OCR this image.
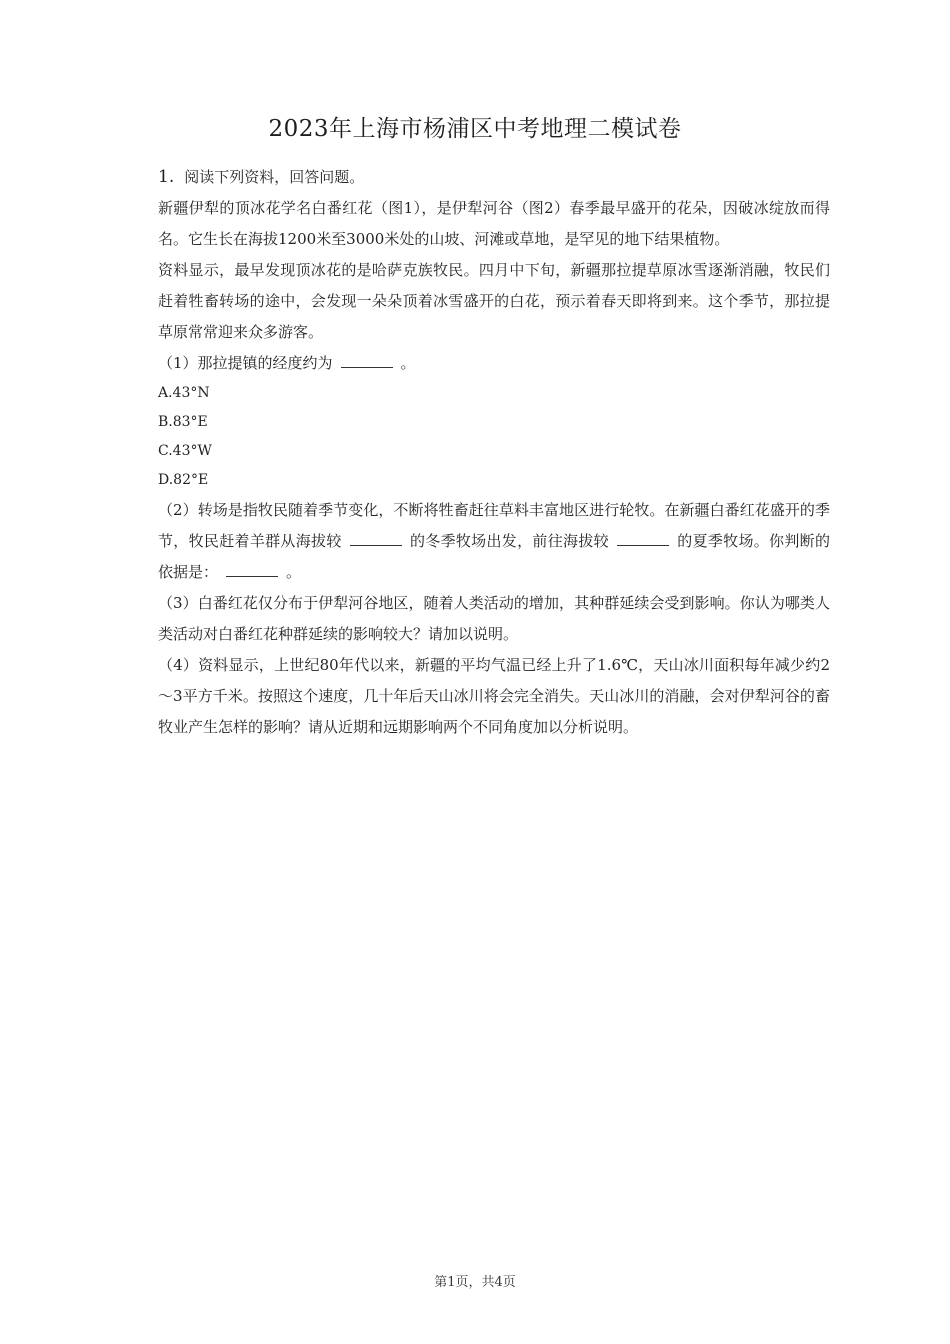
2023年上海市杨浦区中考地理二模试卷

1. 阅读下列资料，回答问题。

新疆伊犁的顶冰花学名白番红花（图1），是伊犁河谷（图2）春季最早盛开的花朵，因破冰绽放而得名。它生长在海拔1200米至3000米处的山坡、河滩或草地，是罕见的地下结果植物。

资料显示，最早发现顶冰花的是哈萨克族牧民。四月中下旬，新疆那拉提草原冰雪逐渐消融，牧民们赶着牲畜转场的途中，会发现一朵朵顶着冰雪盛开的白花，预示着春天即将到来。这个季节，那拉提草原常常迎来众多游客。

（1）那拉提镇的经度约为	。

A.43°N

B.83°E

C.43°W

D.82°E

（2）转场是指牧民随着季节变化，不断将牲畜赶往草料丰富地区进行轮牧。在新疆白番红花盛开的季节，牧民赶着羊群从海拔较	的冬季牧场出发，前往海拔较	的夏季牧场。你判断的依据是：	。

（3）白番红花仅分布于伊犁河谷地区，随着人类活动的增加，其种群延续会受到影响。你认为哪类人类活动对白番红花种群延续的影响较大？请加以说明。

（4）资料显示，上世纪80年代以来，新疆的平均气温已经上升了1.6℃，天山冰川面积每年减少约2～3平方千米。按照这个速度，几十年后天山冰川将会完全消失。天山冰川的消融，会对伊犁河谷的畜牧业产生怎样的影响？请从近期和远期影响两个不同角度加以分析说明。

第1页，共4页
